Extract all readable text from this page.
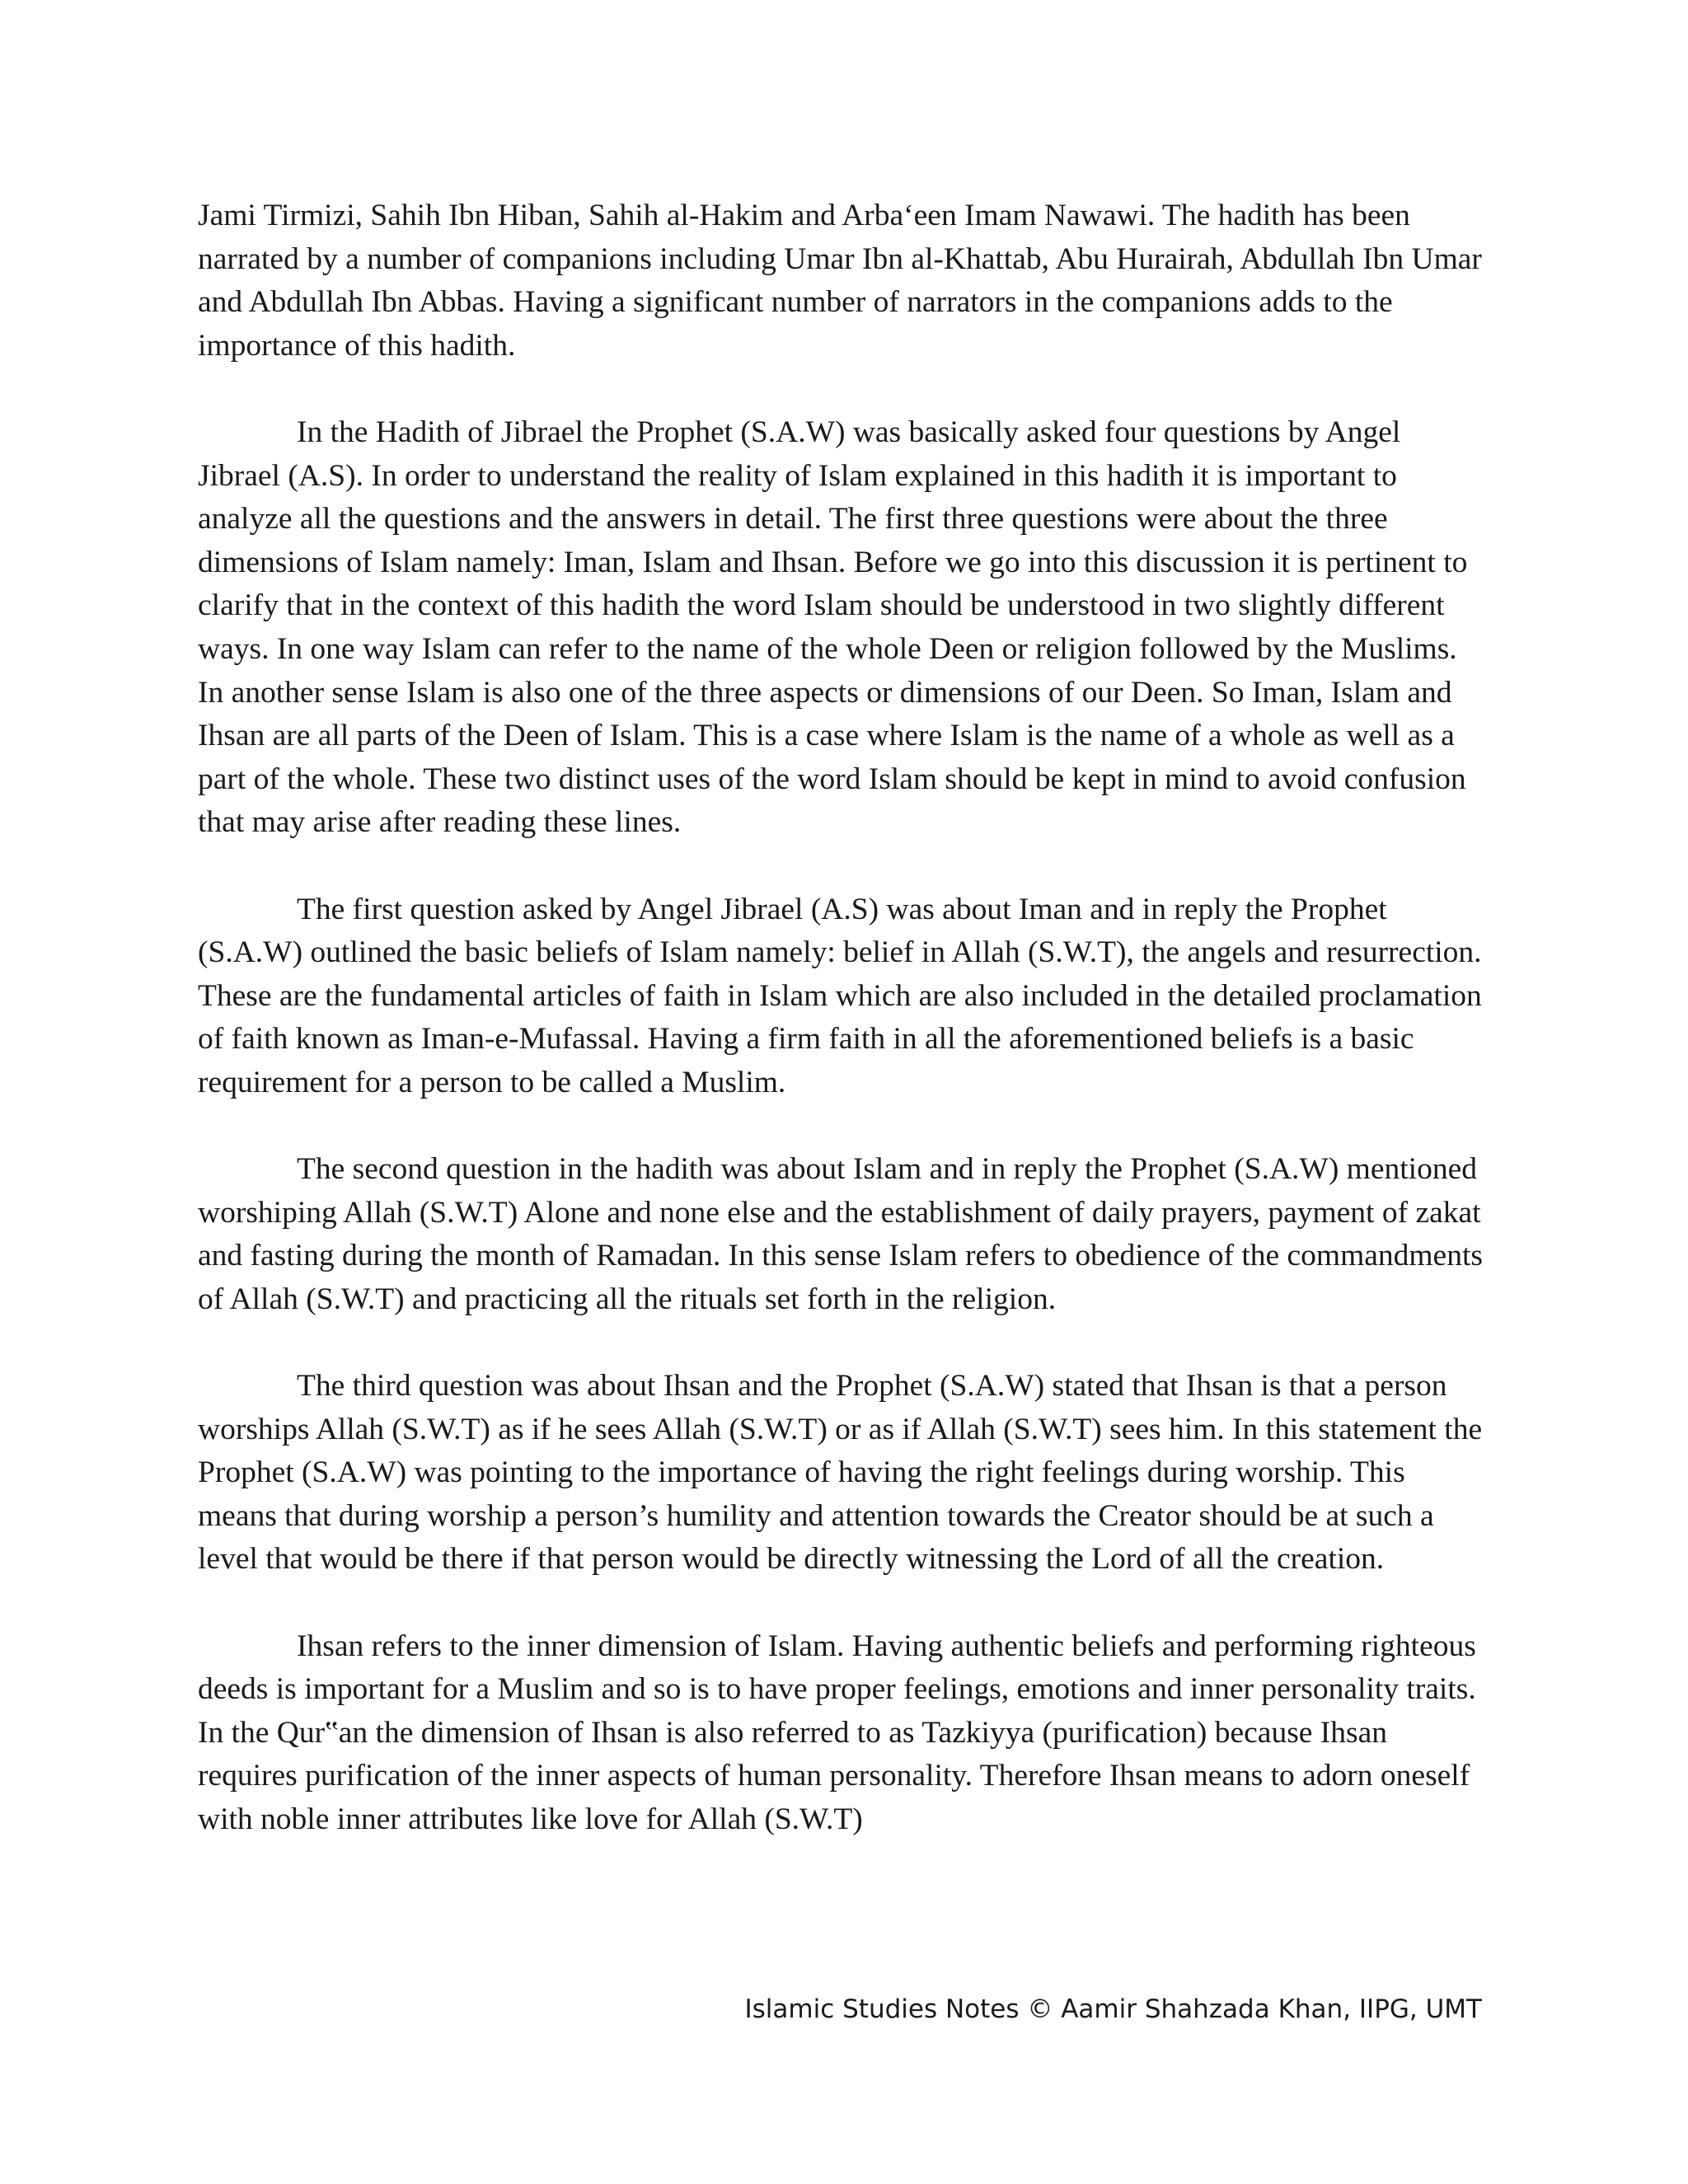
Jami Tirmizi, Sahih Ibn Hiban, Sahih al-Hakim and Arba‘een Imam Nawawi. The hadith has been narrated by a number of companions including Umar Ibn al-Khattab, Abu Hurairah, Abdullah Ibn Umar and Abdullah Ibn Abbas. Having a significant number of narrators in the companions adds to the importance of this hadith.

In the Hadith of Jibrael the Prophet (S.A.W) was basically asked four questions by Angel Jibrael (A.S). In order to understand the reality of Islam explained in this hadith it is important to analyze all the questions and the answers in detail. The first three questions were about the three dimensions of Islam namely: Iman, Islam and Ihsan. Before we go into this discussion it is pertinent to clarify that in the context of this hadith the word Islam should be understood in two slightly different ways. In one way Islam can refer to the name of the whole Deen or religion followed by the Muslims. In another sense Islam is also one of the three aspects or dimensions of our Deen. So Iman, Islam and Ihsan are all parts of the Deen of Islam. This is a case where Islam is the name of a whole as well as a part of the whole. These two distinct uses of the word Islam should be kept in mind to avoid confusion that may arise after reading these lines.

The first question asked by Angel Jibrael (A.S) was about Iman and in reply the Prophet (S.A.W) outlined the basic beliefs of Islam namely: belief in Allah (S.W.T), the angels and resurrection. These are the fundamental articles of faith in Islam which are also included in the detailed proclamation of faith known as Iman-e-Mufassal. Having a firm faith in all the aforementioned beliefs is a basic requirement for a person to be called a Muslim.

The second question in the hadith was about Islam and in reply the Prophet (S.A.W) mentioned worshiping Allah (S.W.T) Alone and none else and the establishment of daily prayers, payment of zakat and fasting during the month of Ramadan. In this sense Islam refers to obedience of the commandments of Allah (S.W.T) and practicing all the rituals set forth in the religion.

The third question was about Ihsan and the Prophet (S.A.W) stated that Ihsan is that a person worships Allah (S.W.T) as if he sees Allah (S.W.T) or as if Allah (S.W.T) sees him. In this statement the Prophet (S.A.W) was pointing to the importance of having the right feelings during worship. This means that during worship a person’s humility and attention towards the Creator should be at such a level that would be there if that person would be directly witnessing the Lord of all the creation.

Ihsan refers to the inner dimension of Islam. Having authentic beliefs and performing righteous deeds is important for a Muslim and so is to have proper feelings, emotions and inner personality traits. In the Qur‟an the dimension of Ihsan is also referred to as Tazkiyya (purification) because Ihsan requires purification of the inner aspects of human personality. Therefore Ihsan means to adorn oneself with noble inner attributes like love for Allah (S.W.T)

Islamic Studies Notes © Aamir Shahzada Khan, IIPG, UMT
